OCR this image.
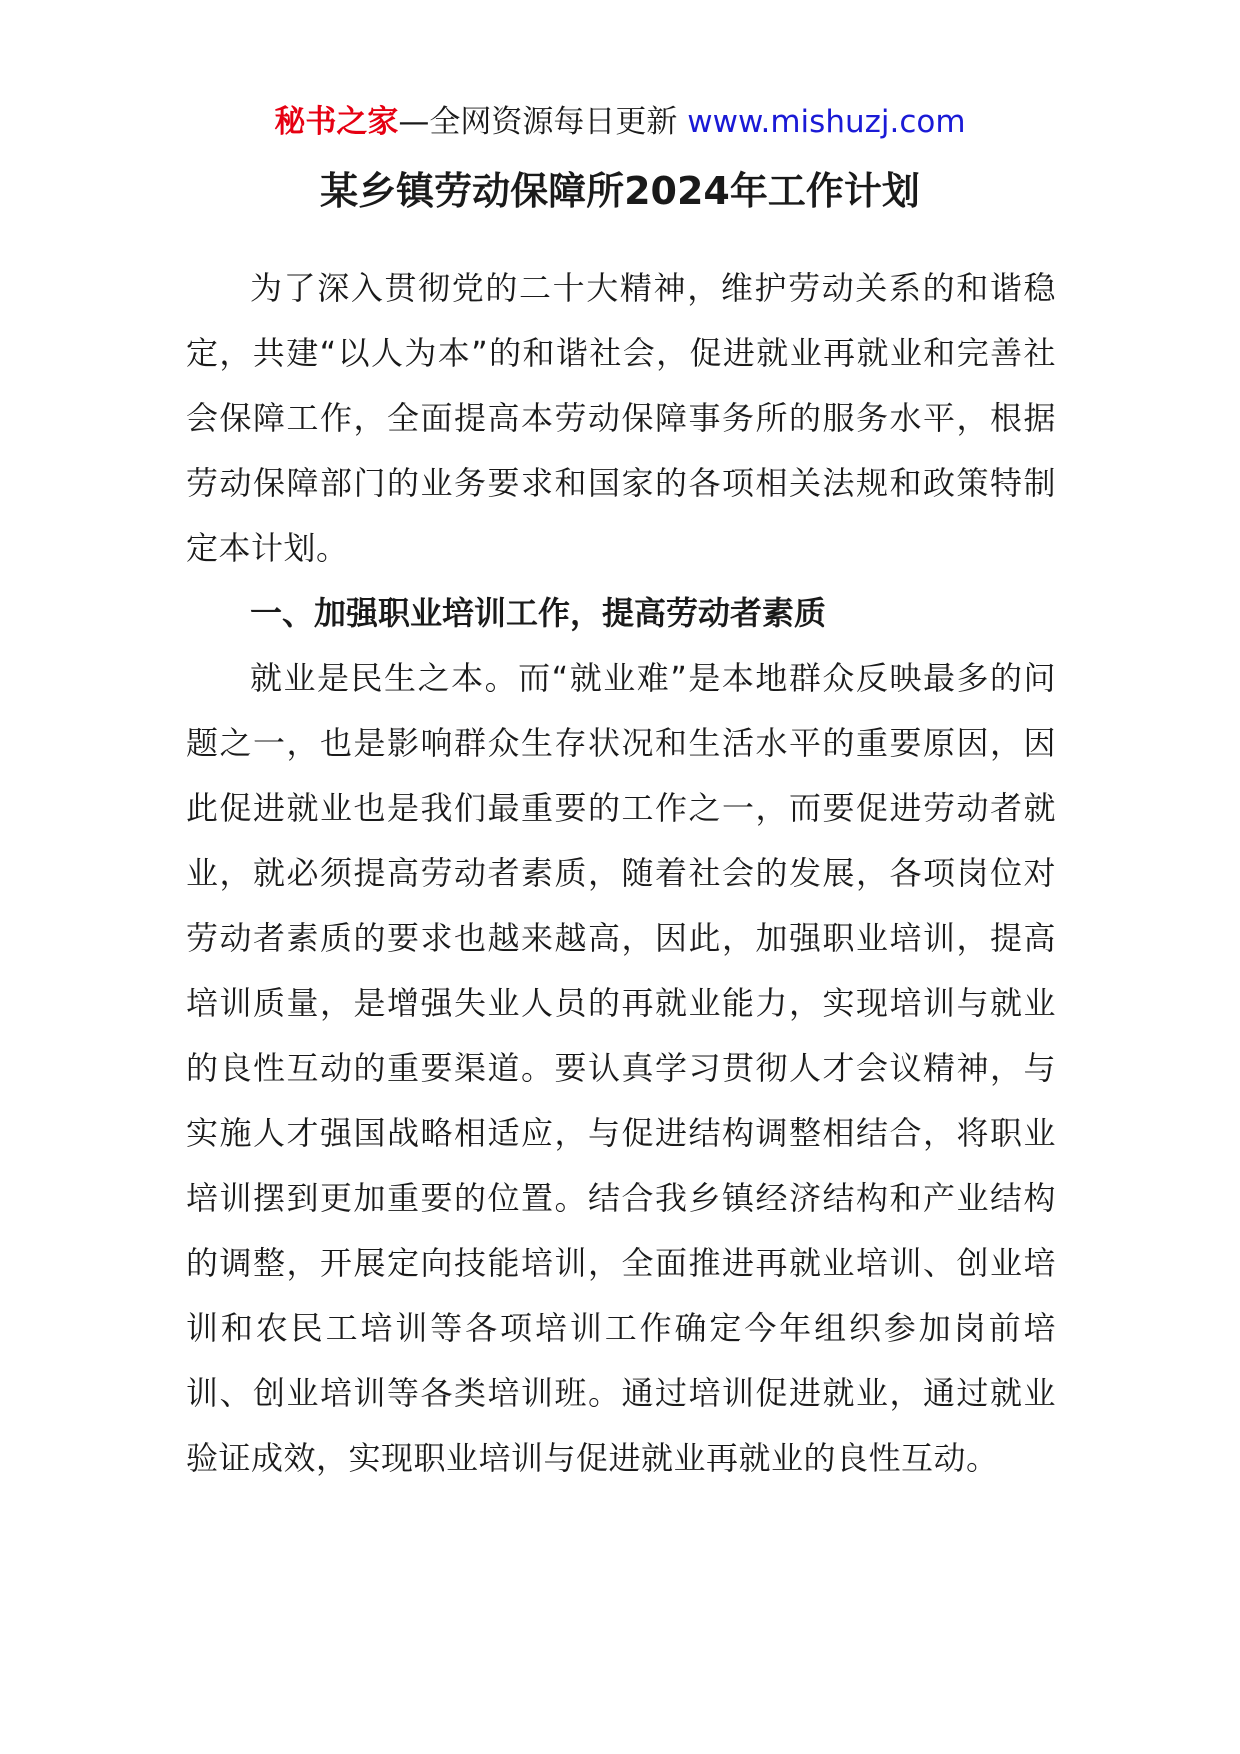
秘书之家—全网资源每日更新 www.mishuzj.com
某乡镇劳动保障所2024年工作计划

为了深入贯彻党的二十大精神，维护劳动关系的和谐稳定，共建“以人为本”的和谐社会，促进就业再就业和完善社会保障工作，全面提高本劳动保障事务所的服务水平，根据劳动保障部门的业务要求和国家的各项相关法规和政策特制定本计划。

一、加强职业培训工作，提高劳动者素质

就业是民生之本。而“就业难”是本地群众反映最多的问题之一，也是影响群众生存状况和生活水平的重要原因，因此促进就业也是我们最重要的工作之一，而要促进劳动者就业，就必须提高劳动者素质，随着社会的发展，各项岗位对劳动者素质的要求也越来越高，因此，加强职业培训，提高培训质量，是增强失业人员的再就业能力，实现培训与就业的良性互动的重要渠道。要认真学习贯彻人才会议精神，与实施人才强国战略相适应，与促进结构调整相结合，将职业培训摆到更加重要的位置。结合我乡镇经济结构和产业结构的调整，开展定向技能培训，全面推进再就业培训、创业培训和农民工培训等各项培训工作确定今年组织参加岗前培训、创业培训等各类培训班。通过培训促进就业，通过就业验证成效，实现职业培训与促进就业再就业的良性互动。
